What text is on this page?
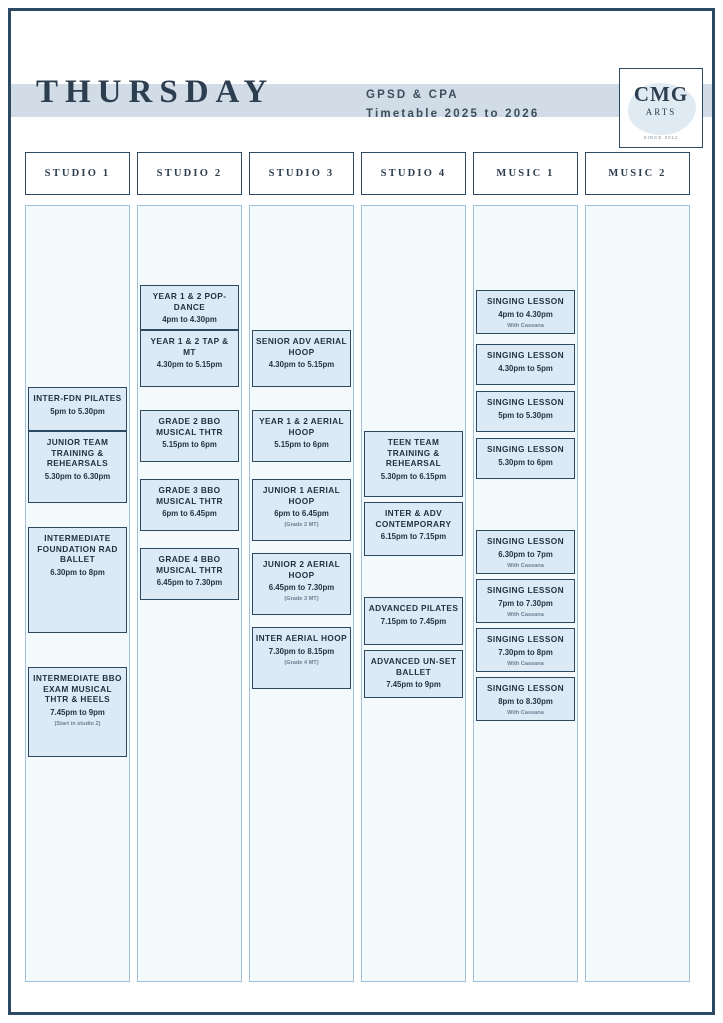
THURSDAY	GPSD & CPA
Timetable 2025 to 2026
CMG
ARTS
SINCE 2011
STUDIO 1
INTER-FDN PILATES
5pm to 5.30pm
JUNIOR TEAM TRAINING & REHEARSALS
5.30pm to 6.30pm
INTERMEDIATE FOUNDATION RAD BALLET
6.30pm to 8pm
INTERMEDIATE BBO EXAM MUSICAL THTR & HEELS
7.45pm to 9pm
(Start in studio 2)
STUDIO 2
YEAR 1 & 2 POP-DANCE
4pm to 4.30pm
YEAR 1 & 2 TAP & MT
4.30pm to 5.15pm
GRADE 2 BBO MUSICAL THTR
5.15pm to 6pm
GRADE 3 BBO MUSICAL THTR
6pm to 6.45pm
GRADE 4 BBO MUSICAL THTR
6.45pm to 7.30pm
STUDIO 3
SENIOR ADV AERIAL HOOP
4.30pm to 5.15pm
YEAR 1 & 2 AERIAL HOOP
5.15pm to 6pm
JUNIOR 1 AERIAL HOOP
6pm to 6.45pm
(Grade 2 MT)
JUNIOR 2 AERIAL HOOP
6.45pm to 7.30pm
(Grade 3 MT)
INTER AERIAL HOOP
7.30pm to 8.15pm
(Grade 4 MT)
STUDIO 4
TEEN TEAM TRAINING & REHEARSAL
5.30pm to 6.15pm
INTER & ADV CONTEMPORARY
6.15pm to 7.15pm
ADVANCED PILATES
7.15pm to 7.45pm
ADVANCED UN-SET BALLET
7.45pm to 9pm
MUSIC 1
SINGING LESSON
4pm to 4.30pm
With Cassana
SINGING LESSON
4.30pm to 5pm
SINGING LESSON
5pm to 5.30pm
SINGING LESSON
5.30pm to 6pm
SINGING LESSON
6.30pm to 7pm
With Cassana
SINGING LESSON
7pm to 7.30pm
With Cassana
SINGING LESSON
7.30pm to 8pm
With Cassana
SINGING LESSON
8pm to 8.30pm
With Cassana
MUSIC 2
